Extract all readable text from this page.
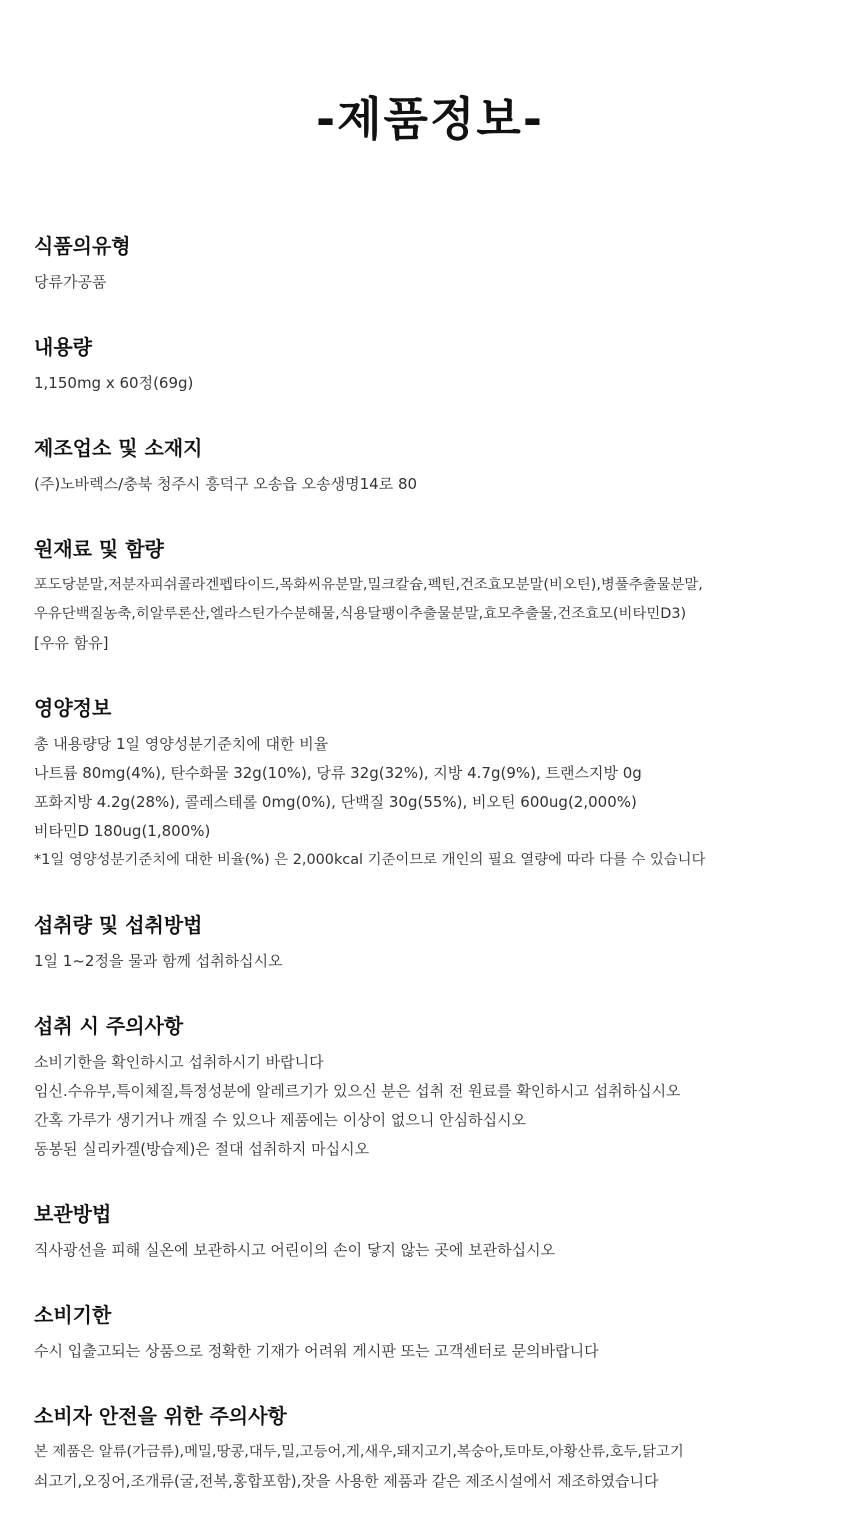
-제품정보-
식품의유형
당류가공품
내용량
1,150mg x 60정(69g)
제조업소 및 소재지
(주)노바렉스/충북 청주시 흥덕구 오송읍 오송생명14로 80
원재료 및 함량
포도당분말,저분자피쉬콜라겐펩타이드,목화씨유분말,밀크칼슘,펙틴,건조효모분말(비오틴),병풀추출물분말,
우유단백질농축,히알루론산,엘라스틴가수분해물,식용달팽이추출물분말,효모추출물,건조효모(비타민D3)
[우유 함유]
영양정보
총 내용량당 1일 영양성분기준치에 대한 비율
나트륨 80mg(4%), 탄수화물 32g(10%), 당류 32g(32%), 지방 4.7g(9%), 트랜스지방 0g
포화지방 4.2g(28%), 콜레스테롤 0mg(0%), 단백질 30g(55%), 비오틴 600ug(2,000%)
비타민D 180ug(1,800%)
*1일 영양성분기준치에 대한 비율(%) 은 2,000kcal 기준이므로 개인의 필요 열량에 따라 다를 수 있습니다
섭취량 및 섭취방법
1일 1~2정을 물과 함께 섭취하십시오
섭취 시 주의사항
소비기한을 확인하시고 섭취하시기 바랍니다
임신.수유부,특이체질,특정성분에 알레르기가 있으신 분은 섭취 전 원료를 확인하시고 섭취하십시오
간혹 가루가 생기거나 깨질 수 있으나 제품에는 이상이 없으니 안심하십시오
동봉된 실리카겔(방습제)은 절대 섭취하지 마십시오
보관방법
직사광선을 피해 실온에 보관하시고 어린이의 손이 닿지 않는 곳에 보관하십시오
소비기한
수시 입출고되는 상품으로 정확한 기재가 어려워 게시판 또는 고객센터로 문의바랍니다
소비자 안전을 위한 주의사항
본 제품은 알류(가금류),메밀,땅콩,대두,밀,고등어,게,새우,돼지고기,복숭아,토마토,아황산류,호두,닭고기
쇠고기,오징어,조개류(굴,전복,홍합포함),잣을 사용한 제품과 같은 제조시설에서 제조하였습니다
